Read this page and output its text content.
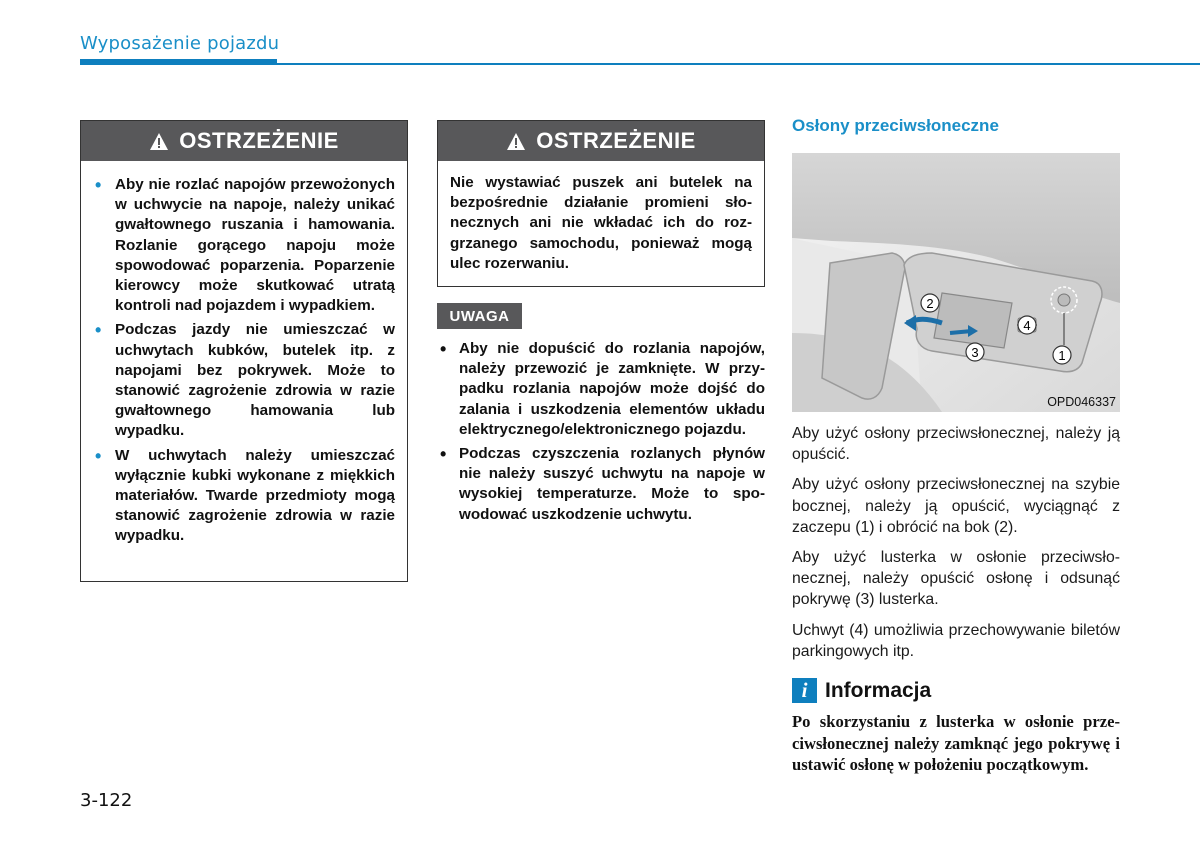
Wyposażenie pojazdu
OSTRZEŻENIE
• Aby nie rozlać napojów przewożonych w uchwycie na napoje, należy unikać gwałtownego ruszania i hamowania. Rozlanie gorącego napoju może spowodować poparzenia. Poparzenie kierowcy może skutkować utratą kontroli nad pojazdem i wypadkiem.
• Podczas jazdy nie umieszczać w uchwytach kubków, butelek itp. z napojami bez pokrywek. Może to stanowić zagrożenie zdrowia w razie gwałtownego hamowania lub wypadku.
• W uchwytach należy umieszczać wyłącznie kubki wykonane z miękkich materiałów. Twarde przedmioty mogą stanowić zagrożenie zdrowia w razie wypadku.
OSTRZEŻENIE
Nie wystawiać puszek ani butelek na bezpośrednie działanie promieni słonecznych ani nie wkładać ich do rozgrzanego samochodu, ponieważ mogą ulec rozerwaniu.
UWAGA
• Aby nie dopuścić do rozlania napojów, należy przewozić je zamknięte. W przypadku rozlania napojów może dojść do zalania i uszkodzenia elementów układu elektrycznego/elektronicznego pojazdu.
• Podczas czyszczenia rozlanych płynów nie należy suszyć uchwytu na napoje w wysokiej temperaturze. Może to spowodować uszkodzenie uchwytu.
Osłony przeciwsłoneczne
2
4
3	1
OPD046337

Aby użyć osłony przeciwsłonecznej, należy ją opuścić.

Aby użyć osłony przeciwsłonecznej na szybie bocznej, należy ją opuścić, wyciągnąć z zaczepu (1) i obrócić na bok (2).

Aby użyć lusterka w osłonie przeciwsłonecznej, należy opuścić osłonę i odsunąć pokrywę (3) lusterka.

Uchwyt (4) umożliwia przechowywanie biletów parkingowych itp.

i Informacja
Po skorzystaniu z lusterka w osłonie przeciwsłonecznej należy zamknąć jego pokrywę i ustawić osłonę w położeniu początkowym.
3-122
